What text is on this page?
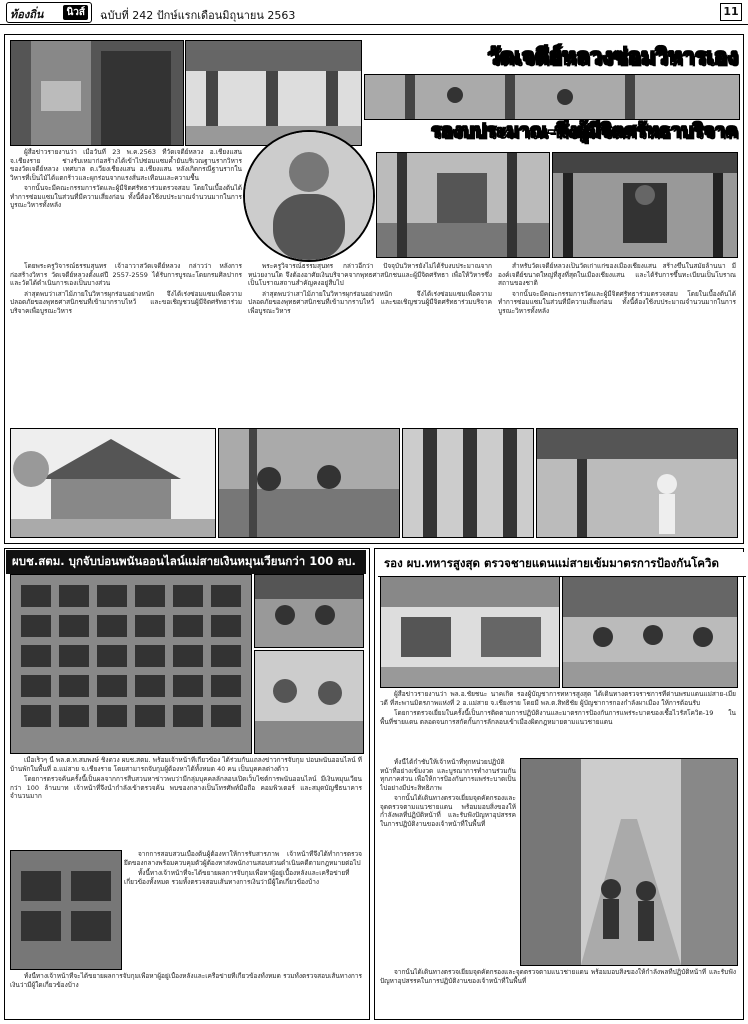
ท้องถิ่น	นิวส์ ฉบับที่ 242 ปักษ์แรกเดือนมิถุนายน 2563	11
วัดเจดีย์หลวงซ่อมวิหารเอง
รองบประมาณ-พึ่งผู้มีจิตศรัทธาบริจาค

ผู้สื่อข่าวรายงานว่า เมื่อวันที่ 23 พ.ค.2563 ที่วัดเจดีย์หลวง อ.เชียงแสน จ.เชียงราย ช่างรับเหมาก่อสร้างได้เข้าไปซ่อมแซมค้ำยันบริเวณฐานรากวิหาร ของวัดเจดีย์หลวง เทศบาล ต.เวียงเชียงแสน อ.เชียงแสน หลังเกิดกรณีฐานรากในวิหารที่เป็นไม้ได้แตกร้าวและผุกร่อนจากแรงสั่นสะเทือนและความชื้น

จากนั้นจะมีคณะกรรมการวัดและผู้มีจิตศรัทธาร่วมตรวจสอบ โดยในเบื้องต้นได้ทำการซ่อมแซมในส่วนที่มีความเสี่ยงก่อน ทั้งนี้ต้องใช้งบประมาณจำนวนมากในการบูรณะวิหารทั้งหลัง

โดยพระครูวิจารณ์ธรรมสุนทร เจ้าอาวาสวัดเจดีย์หลวง กล่าวว่า หลังการก่อสร้างวิหาร วัดเจดีย์หลวงตั้งแต่ปี 2557-2559 ได้รับการบูรณะโดยกรมศิลปากร และวัดได้ดำเนินการเองเป็นบางส่วน

ล่าสุดพบว่าเสาไม้ภายในวิหารผุกร่อนอย่างหนัก จึงได้เร่งซ่อมแซมเพื่อความปลอดภัยของพุทธศาสนิกชนที่เข้ามากราบไหว้ และขอเชิญชวนผู้มีจิตศรัทธาร่วมบริจาคเพื่อบูรณะวิหาร

พระครูวิจารณ์ธรรมสุนทร กล่าวอีกว่า ปัจจุบันวิหารยังไม่ได้รับงบประมาณจากหน่วยงานใด จึงต้องอาศัยเงินบริจาคจากพุทธศาสนิกชนและผู้มีจิตศรัทธา เพื่อให้วิหารซึ่งเป็นโบราณสถานสำคัญคงอยู่สืบไป

ล่าสุดพบว่าเสาไม้ภายในวิหารผุกร่อนอย่างหนัก จึงได้เร่งซ่อมแซมเพื่อความปลอดภัยของพุทธศาสนิกชนที่เข้ามากราบไหว้ และขอเชิญชวนผู้มีจิตศรัทธาร่วมบริจาคเพื่อบูรณะวิหาร

สำหรับวัดเจดีย์หลวงเป็นวัดเก่าแก่ของเมืองเชียงแสน สร้างขึ้นในสมัยล้านนา มีองค์เจดีย์ขนาดใหญ่ที่สูงที่สุดในเมืองเชียงแสน และได้รับการขึ้นทะเบียนเป็นโบราณสถานของชาติ

จากนั้นจะมีคณะกรรมการวัดและผู้มีจิตศรัทธาร่วมตรวจสอบ โดยในเบื้องต้นได้ทำการซ่อมแซมในส่วนที่มีความเสี่ยงก่อน ทั้งนี้ต้องใช้งบประมาณจำนวนมากในการบูรณะวิหารทั้งหลัง

ผบช.สตม. บุกจับบ่อนพนันออนไลน์แม่สายเงินหมุนเวียนกว่า 100 ลบ.

เมื่อเร็วๆ นี้ พล.ต.ท.สมพงษ์ ชิงดวง ผบช.สตม. พร้อมเจ้าหน้าที่เกี่ยวข้อง ได้ร่วมกันแถลงข่าวการจับกุม บ่อนพนันออนไลน์ ที่บ้านพักในพื้นที่ อ.แม่สาย จ.เชียงราย โดยสามารถจับกุมผู้ต้องหาได้ทั้งหมด 40 คน เป็นบุคคลต่างด้าว

โดยการตรวจค้นครั้งนี้เป็นผลจากการสืบสวนหาข่าวพบว่ามีกลุ่มบุคคลลักลอบเปิดเว็บไซต์การพนันออนไลน์ มีเงินหมุนเวียนกว่า 100 ล้านบาท เจ้าหน้าที่จึงนำกำลังเข้าตรวจค้น พบของกลางเป็นโทรศัพท์มือถือ คอมพิวเตอร์ และสมุดบัญชีธนาคารจำนวนมาก

จากการสอบสวนเบื้องต้นผู้ต้องหาให้การรับสารภาพ เจ้าหน้าที่จึงได้ทำการตรวจยึดของกลางพร้อมควบคุมตัวผู้ต้องหาส่งพนักงานสอบสวนดำเนินคดีตามกฎหมายต่อไป

ทั้งนี้ทางเจ้าหน้าที่จะได้ขยายผลการจับกุมเพื่อหาผู้อยู่เบื้องหลังและเครือข่ายที่เกี่ยวข้องทั้งหมด รวมทั้งตรวจสอบเส้นทางการเงินว่ามีผู้ใดเกี่ยวข้องบ้าง

ทั้งนี้ทางเจ้าหน้าที่จะได้ขยายผลการจับกุมเพื่อหาผู้อยู่เบื้องหลังและเครือข่ายที่เกี่ยวข้องทั้งหมด รวมทั้งตรวจสอบเส้นทางการเงินว่ามีผู้ใดเกี่ยวข้องบ้าง

รอง ผบ.ทหารสูงสุด ตรวจชายแดนแม่สายเข้มมาตรการป้องกันโควิด

ผู้สื่อข่าวรายงานว่า พล.อ.ชัยชนะ นาคเกิด รองผู้บัญชาการทหารสูงสุด ได้เดินทางตรวจราชการที่ด่านพรมแดนแม่สาย-เมียวดี ที่สะพานมิตรภาพแห่งที่ 2 อ.แม่สาย จ.เชียงราย โดยมี พล.ต.สิทธิชัย ผู้บัญชาการกองกำลังผาเมือง ให้การต้อนรับ

โดยการตรวจเยี่ยมในครั้งนี้เป็นการติดตามการปฏิบัติงานและมาตรการป้องกันการแพร่ระบาดของเชื้อไวรัสโควิด-19 ในพื้นที่ชายแดน ตลอดจนการสกัดกั้นการลักลอบเข้าเมืองผิดกฎหมายตามแนวชายแดน

ทั้งนี้ได้กำชับให้เจ้าหน้าที่ทุกหน่วยปฏิบัติหน้าที่อย่างเข้มงวด และบูรณาการทำงานร่วมกันทุกภาคส่วน เพื่อให้การป้องกันการแพร่ระบาดเป็นไปอย่างมีประสิทธิภาพ

จากนั้นได้เดินทางตรวจเยี่ยมจุดคัดกรองและจุดตรวจตามแนวชายแดน พร้อมมอบสิ่งของให้กำลังพลที่ปฏิบัติหน้าที่ และรับฟังปัญหาอุปสรรคในการปฏิบัติงานของเจ้าหน้าที่ในพื้นที่

จากนั้นได้เดินทางตรวจเยี่ยมจุดคัดกรองและจุดตรวจตามแนวชายแดน พร้อมมอบสิ่งของให้กำลังพลที่ปฏิบัติหน้าที่ และรับฟังปัญหาอุปสรรคในการปฏิบัติงานของเจ้าหน้าที่ในพื้นที่
